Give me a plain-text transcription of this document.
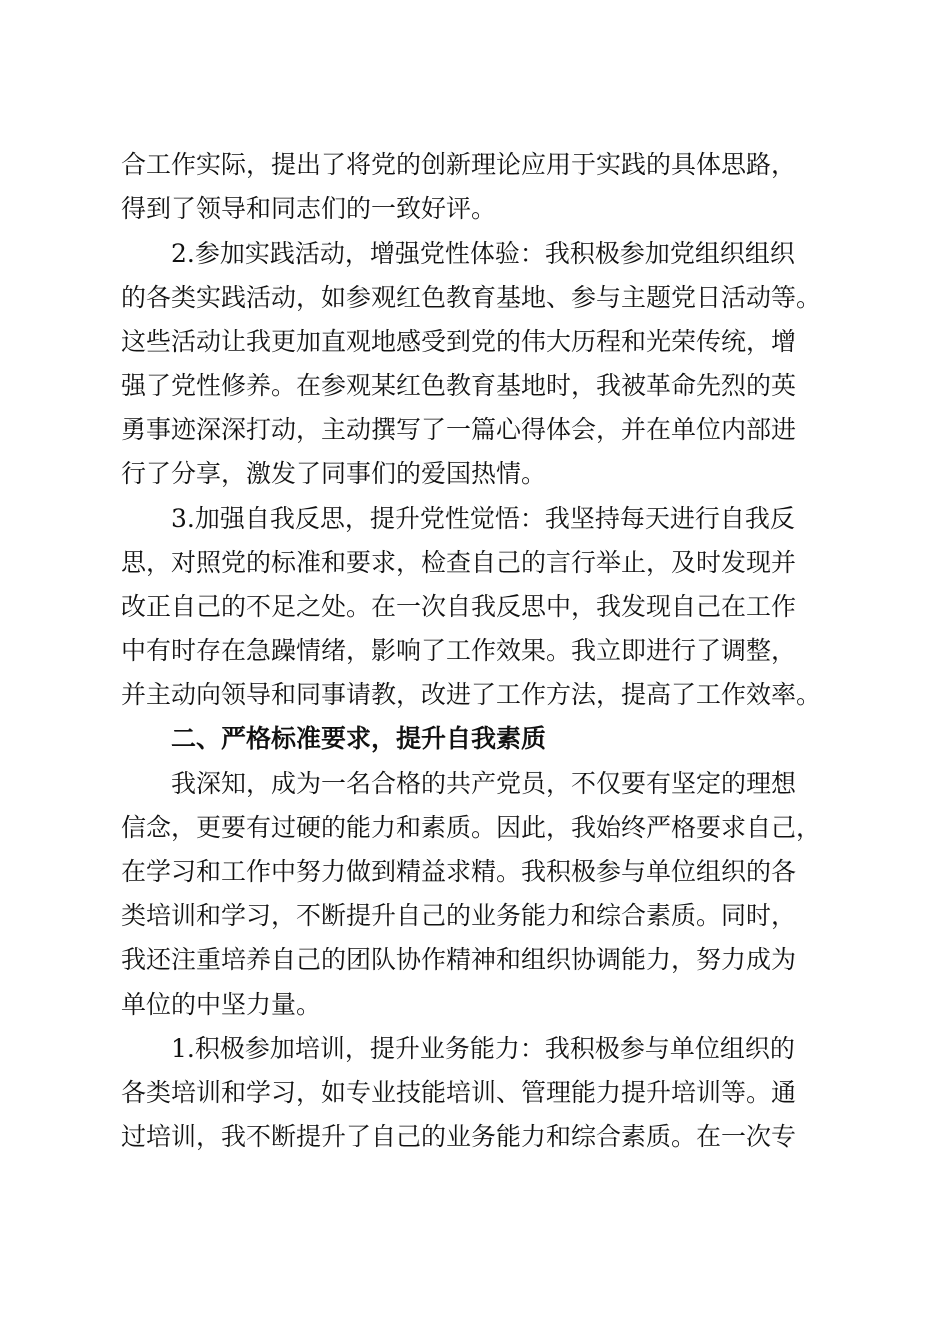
合工作实际，提出了将党的创新理论应用于实践的具体思路，

得到了领导和同志们的一致好评。

2.参加实践活动，增强党性体验：我积极参加党组织组织

的各类实践活动，如参观红色教育基地、参与主题党日活动等。

这些活动让我更加直观地感受到党的伟大历程和光荣传统，增

强了党性修养。在参观某红色教育基地时，我被革命先烈的英

勇事迹深深打动，主动撰写了一篇心得体会，并在单位内部进

行了分享，激发了同事们的爱国热情。

3.加强自我反思，提升党性觉悟：我坚持每天进行自我反

思，对照党的标准和要求，检查自己的言行举止，及时发现并

改正自己的不足之处。在一次自我反思中，我发现自己在工作

中有时存在急躁情绪，影响了工作效果。我立即进行了调整，

并主动向领导和同事请教，改进了工作方法，提高了工作效率。

二、严格标准要求，提升自我素质

我深知，成为一名合格的共产党员，不仅要有坚定的理想

信念，更要有过硬的能力和素质。因此，我始终严格要求自己，

在学习和工作中努力做到精益求精。我积极参与单位组织的各

类培训和学习，不断提升自己的业务能力和综合素质。同时，

我还注重培养自己的团队协作精神和组织协调能力，努力成为

单位的中坚力量。

1.积极参加培训，提升业务能力：我积极参与单位组织的

各类培训和学习，如专业技能培训、管理能力提升培训等。通

过培训，我不断提升了自己的业务能力和综合素质。在一次专
